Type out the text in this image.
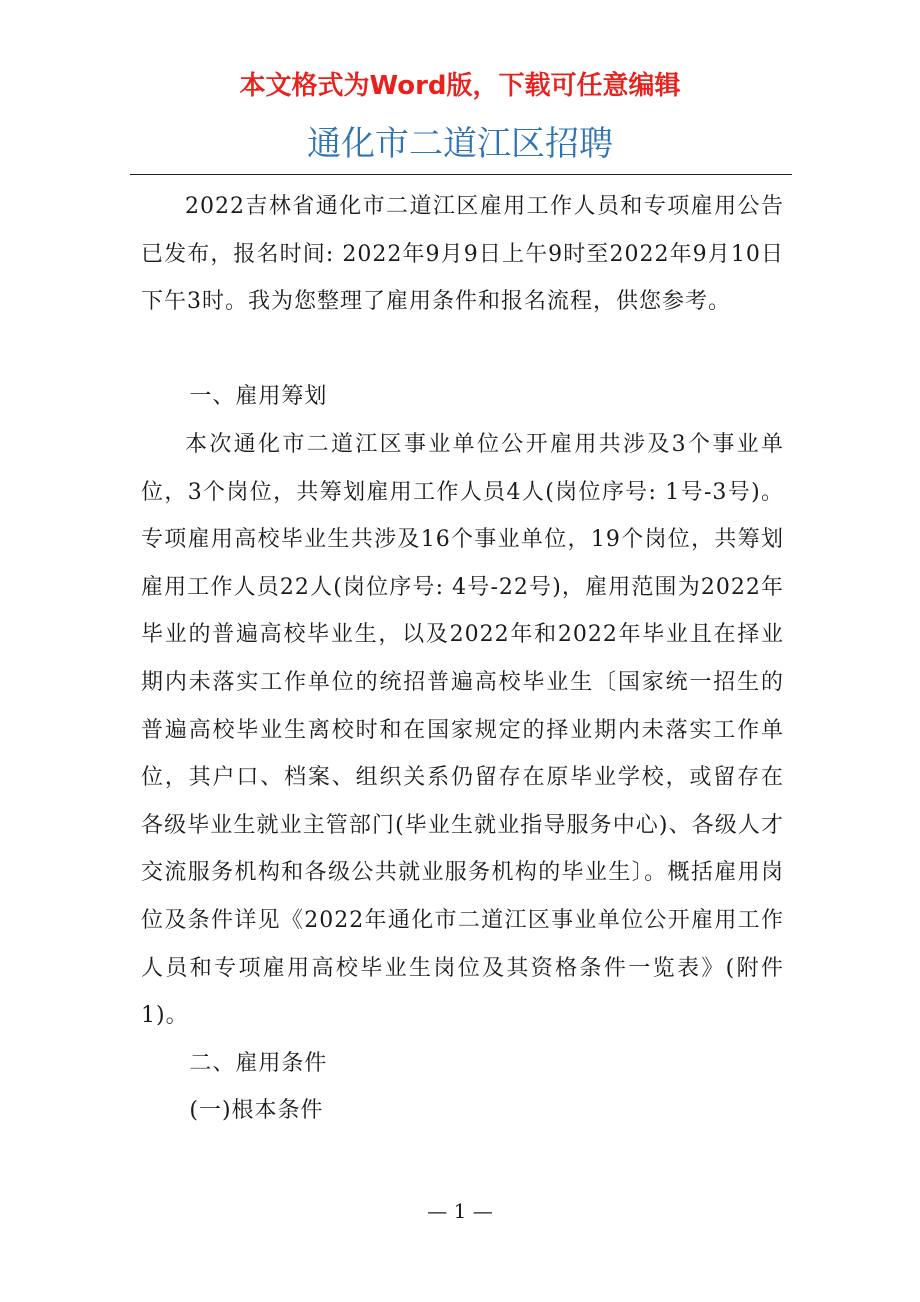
本文格式为Word版，下载可任意编辑
通化市二道江区招聘

2022吉林省通化市二道江区雇用工作人员和专项雇用公告已发布，报名时间: 2022年9月9日上午9时至2022年9月10日下午3时。我为您整理了雇用条件和报名流程，供您参考。

一、雇用筹划

本次通化市二道江区事业单位公开雇用共涉及3个事业单位，3个岗位，共筹划雇用工作人员4人(岗位序号: 1号-3号)。专项雇用高校毕业生共涉及16个事业单位，19个岗位，共筹划雇用工作人员22人(岗位序号: 4号-22号)，雇用范围为2022年毕业的普遍高校毕业生，以及2022年和2022年毕业且在择业期内未落实工作单位的统招普遍高校毕业生〔国家统一招生的普遍高校毕业生离校时和在国家规定的择业期内未落实工作单位，其户口、档案、组织关系仍留存在原毕业学校，或留存在各级毕业生就业主管部门(毕业生就业指导服务中心)、各级人才交流服务机构和各级公共就业服务机构的毕业生〕。概括雇用岗位及条件详见《2022年通化市二道江区事业单位公开雇用工作人员和专项雇用高校毕业生岗位及其资格条件一览表》(附件1)。

二、雇用条件

(一)根本条件

— 1 —
